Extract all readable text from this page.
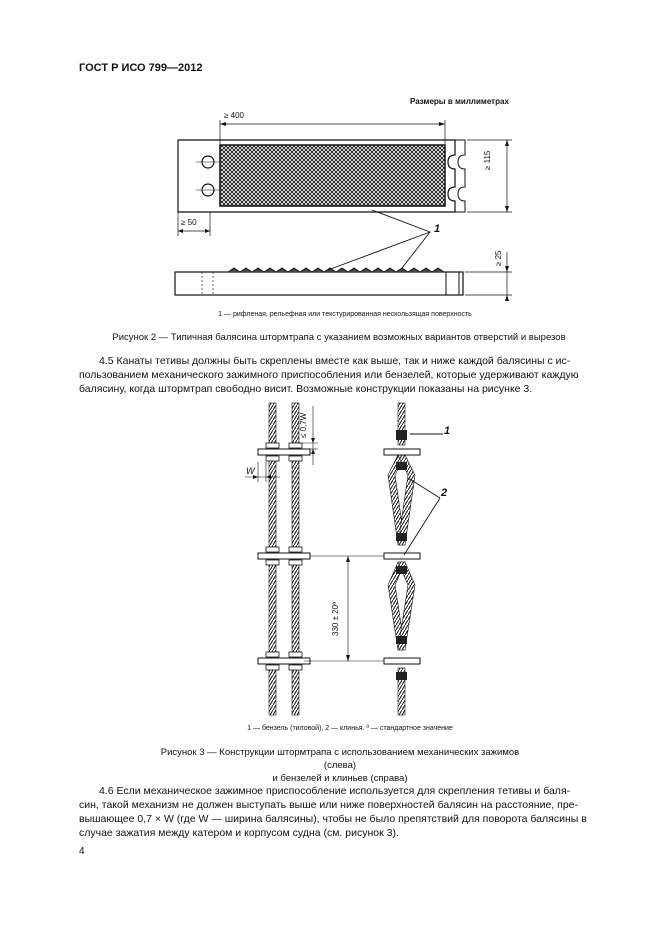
ГОСТ Р ИСО 799—2012
Размеры в миллиметрах
≥ 400
≥ 115
≥ 50
≥ 25
1
1 — рифленая, рельефная или текстурированная нескользящая поверхность
Рисунок 2 — Типичная балясина штормтрапа с указанием возможных вариантов отверстий и вырезов
4.5 Канаты тетивы должны быть скреплены вместе как выше, так и ниже каждой балясины с ис-
пользованием механического зажимного приспособления или бензелей, которые удерживают каждую
балясину, когда штормтрап свободно висит. Возможные конструкции показаны на рисунке 3.
≤ 0,7W
W
330 ± 20ª
1
2
1 — бензель (тиловой), 2 — клинья. ª — стандартное значение
Рисунок 3 — Конструкции штормтрапа с использованием механических зажимов (слева)
и бензелей и клиньев (справа)
4.6 Если механическое зажимное приспособление используется для скрепления тетивы и баля-
син, такой механизм не должен выступать выше или ниже поверхностей балясин на расстояние, пре-
вышающее 0,7 × W (где W — ширина балясины), чтобы не было препятствий для поворота балясины в
случае зажатия между катером и корпусом судна (см. рисунок 3).
4
